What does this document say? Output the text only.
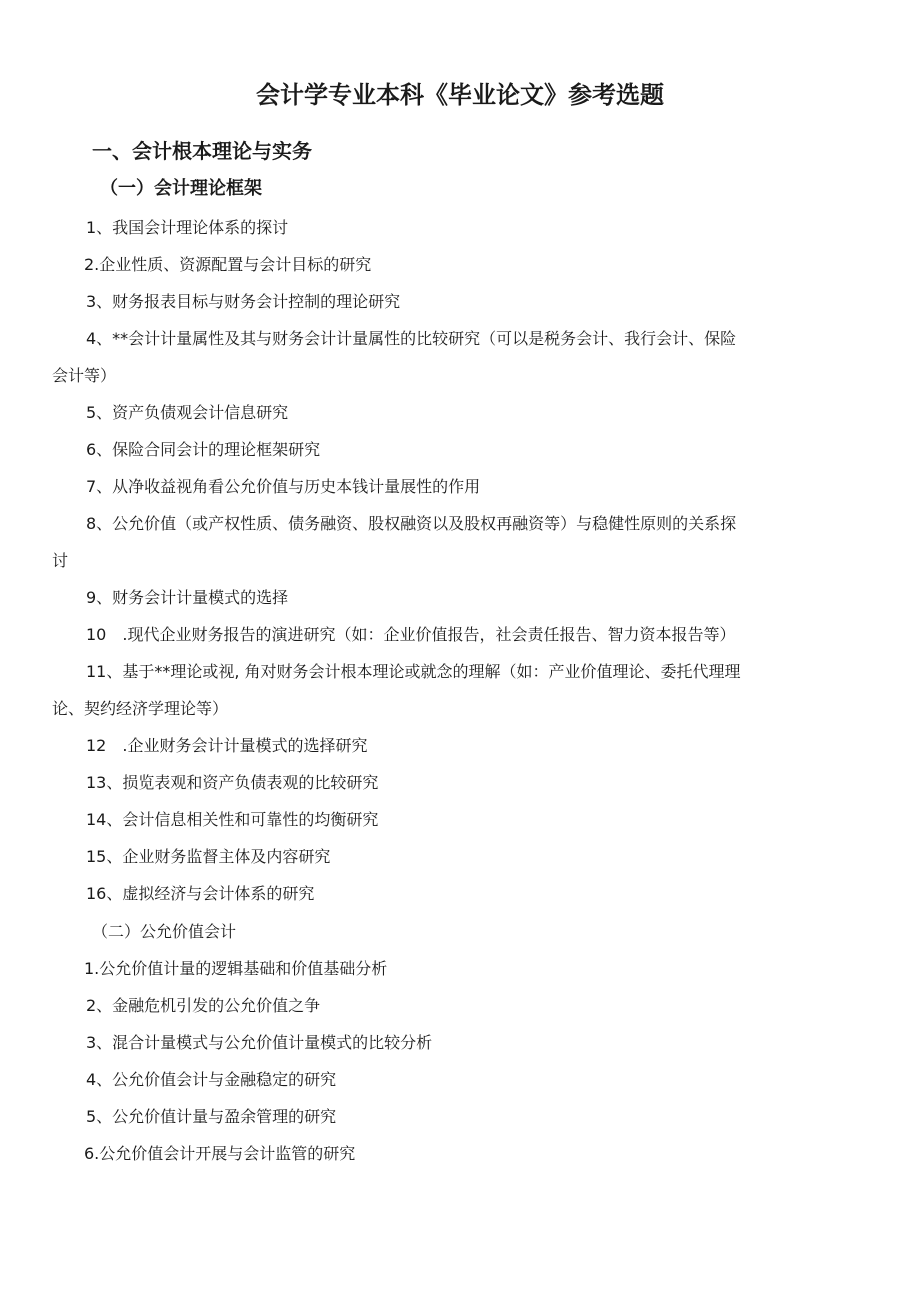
会计学专业本科《毕业论文》参考选题
一、会计根本理论与实务
（一）会计理论框架
1、我国会计理论体系的探讨
2.企业性质、资源配置与会计目标的研究
3、财务报表目标与财务会计控制的理论研究
4、**会计计量属性及其与财务会计计量属性的比较研究（可以是税务会计、我行会计、保险
会计等）
5、资产负债观会计信息研究
6、保险合同会计的理论框架研究
7、从净收益视角看公允价值与历史本钱计量展性的作用
8、公允价值（或产权性质、债务融资、股权融资以及股权再融资等）与稳健性原则的关系探
讨
9、财务会计计量模式的选择
10　.现代企业财务报告的演进研究（如：企业价值报告，社会责任报告、智力资本报告等）
11、基于**理论或视, 角对财务会计根本理论或就念的理解（如：产业价值理论、委托代理理
论、契约经济学理论等）
12　.企业财务会计计量模式的选择研究
13、损览表观和资产负债表观的比较研究
14、会计信息相关性和可靠性的均衡研究
15、企业财务监督主体及内容研究
16、虚拟经济与会计体系的研究
（二）公允价值会计
1.公允价值计量的逻辑基础和价值基础分析
2、金融危机引发的公允价值之争
3、混合计量模式与公允价值计量模式的比较分析
4、公允价值会计与金融稳定的研究
5、公允价值计量与盈余管理的研究
6.公允价值会计开展与会计监管的研究
